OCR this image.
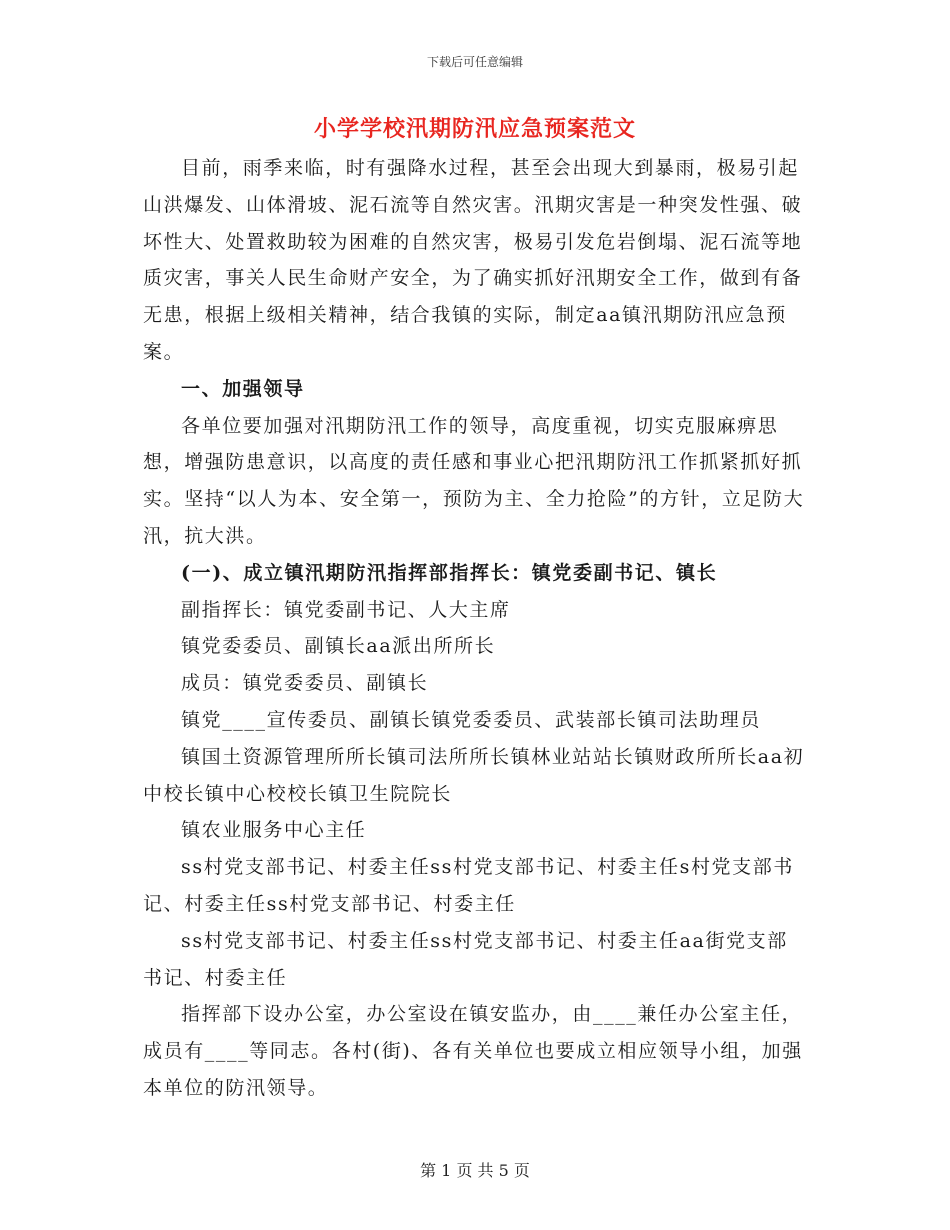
下载后可任意编辑
小学学校汛期防汛应急预案范文

目前，雨季来临，时有强降水过程，甚至会出现大到暴雨，极易引起山洪爆发、山体滑坡、泥石流等自然灾害。汛期灾害是一种突发性强、破坏性大、处置救助较为困难的自然灾害，极易引发危岩倒塌、泥石流等地质灾害，事关人民生命财产安全，为了确实抓好汛期安全工作，做到有备无患，根据上级相关精神，结合我镇的实际，制定aa镇汛期防汛应急预案。

一、加强领导

各单位要加强对汛期防汛工作的领导，高度重视，切实克服麻痹思想，增强防患意识，以高度的责任感和事业心把汛期防汛工作抓紧抓好抓实。坚持“以人为本、安全第一，预防为主、全力抢险”的方针，立足防大汛，抗大洪。

(一)、成立镇汛期防汛指挥部指挥长：镇党委副书记、镇长

副指挥长：镇党委副书记、人大主席

镇党委委员、副镇长aa派出所所长

成员：镇党委委员、副镇长

镇党____宣传委员、副镇长镇党委委员、武装部长镇司法助理员

镇国土资源管理所所长镇司法所所长镇林业站站长镇财政所所长aa初中校长镇中心校校长镇卫生院院长

镇农业服务中心主任

ss村党支部书记、村委主任ss村党支部书记、村委主任s村党支部书记、村委主任ss村党支部书记、村委主任

ss村党支部书记、村委主任ss村党支部书记、村委主任aa街党支部书记、村委主任

指挥部下设办公室，办公室设在镇安监办，由____兼任办公室主任，成员有____等同志。各村(街)、各有关单位也要成立相应领导小组，加强本单位的防汛领导。

第 1 页 共 5 页
